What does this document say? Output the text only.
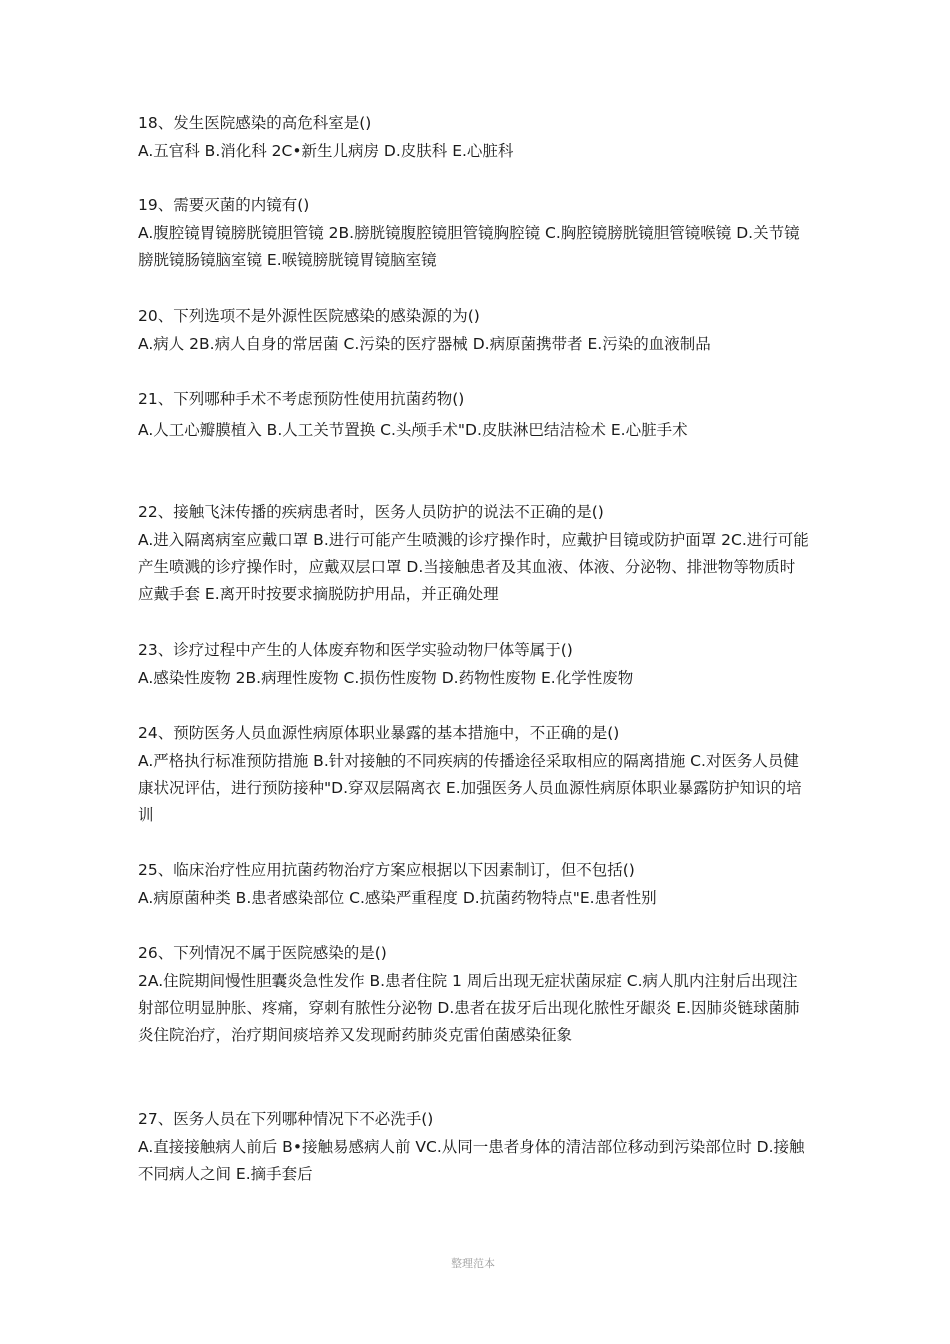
18、发生医院感染的高危科室是()
A.五官科 B.消化科 2C•新生儿病房 D.皮肤科 E.心脏科
19、需要灭菌的内镜有()
A.腹腔镜胃镜膀胱镜胆管镜 2B.膀胱镜腹腔镜胆管镜胸腔镜 C.胸腔镜膀胱镜胆管镜喉镜 D.关节镜膀胱镜肠镜脑室镜 E.喉镜膀胱镜胃镜脑室镜
20、下列选项不是外源性医院感染的感染源的为()
A.病人 2B.病人自身的常居菌 C.污染的医疗器械 D.病原菌携带者 E.污染的血液制品
21、下列哪种手术不考虑预防性使用抗菌药物()
A.人工心瓣膜植入 B.人工关节置换 C.头颅手术"D.皮肤淋巴结洁检术 E.心脏手术
22、接触飞沫传播的疾病患者时，医务人员防护的说法不正确的是()
A.进入隔离病室应戴口罩 B.进行可能产生喷溅的诊疗操作时，应戴护目镜或防护面罩 2C.进行可能产生喷溅的诊疗操作时，应戴双层口罩 D.当接触患者及其血液、体液、分泌物、排泄物等物质时应戴手套 E.离开时按要求摘脱防护用品，并正确处理
23、诊疗过程中产生的人体废弃物和医学实验动物尸体等属于()
A.感染性废物 2B.病理性废物 C.损伤性废物 D.药物性废物 E.化学性废物
24、预防医务人员血源性病原体职业暴露的基本措施中，不正确的是()
A.严格执行标准预防措施 B.针对接触的不同疾病的传播途径采取相应的隔离措施 C.对医务人员健康状况评估，进行预防接种"D.穿双层隔离衣 E.加强医务人员血源性病原体职业暴露防护知识的培训
25、临床治疗性应用抗菌药物治疗方案应根据以下因素制订，但不包括()
A.病原菌种类 B.患者感染部位 C.感染严重程度 D.抗菌药物特点"E.患者性别
26、下列情况不属于医院感染的是()
2A.住院期间慢性胆囊炎急性发作 B.患者住院 1 周后出现无症状菌尿症 C.病人肌内注射后出现注射部位明显肿胀、疼痛，穿刺有脓性分泌物 D.患者在拔牙后出现化脓性牙龈炎 E.因肺炎链球菌肺炎住院治疗，治疗期间痰培养又发现耐药肺炎克雷伯菌感染征象
27、医务人员在下列哪种情况下不必洗手()
A.直接接触病人前后 B•接触易感病人前 VC.从同一患者身体的清洁部位移动到污染部位时 D.接触不同病人之间 E.摘手套后
整理范本
